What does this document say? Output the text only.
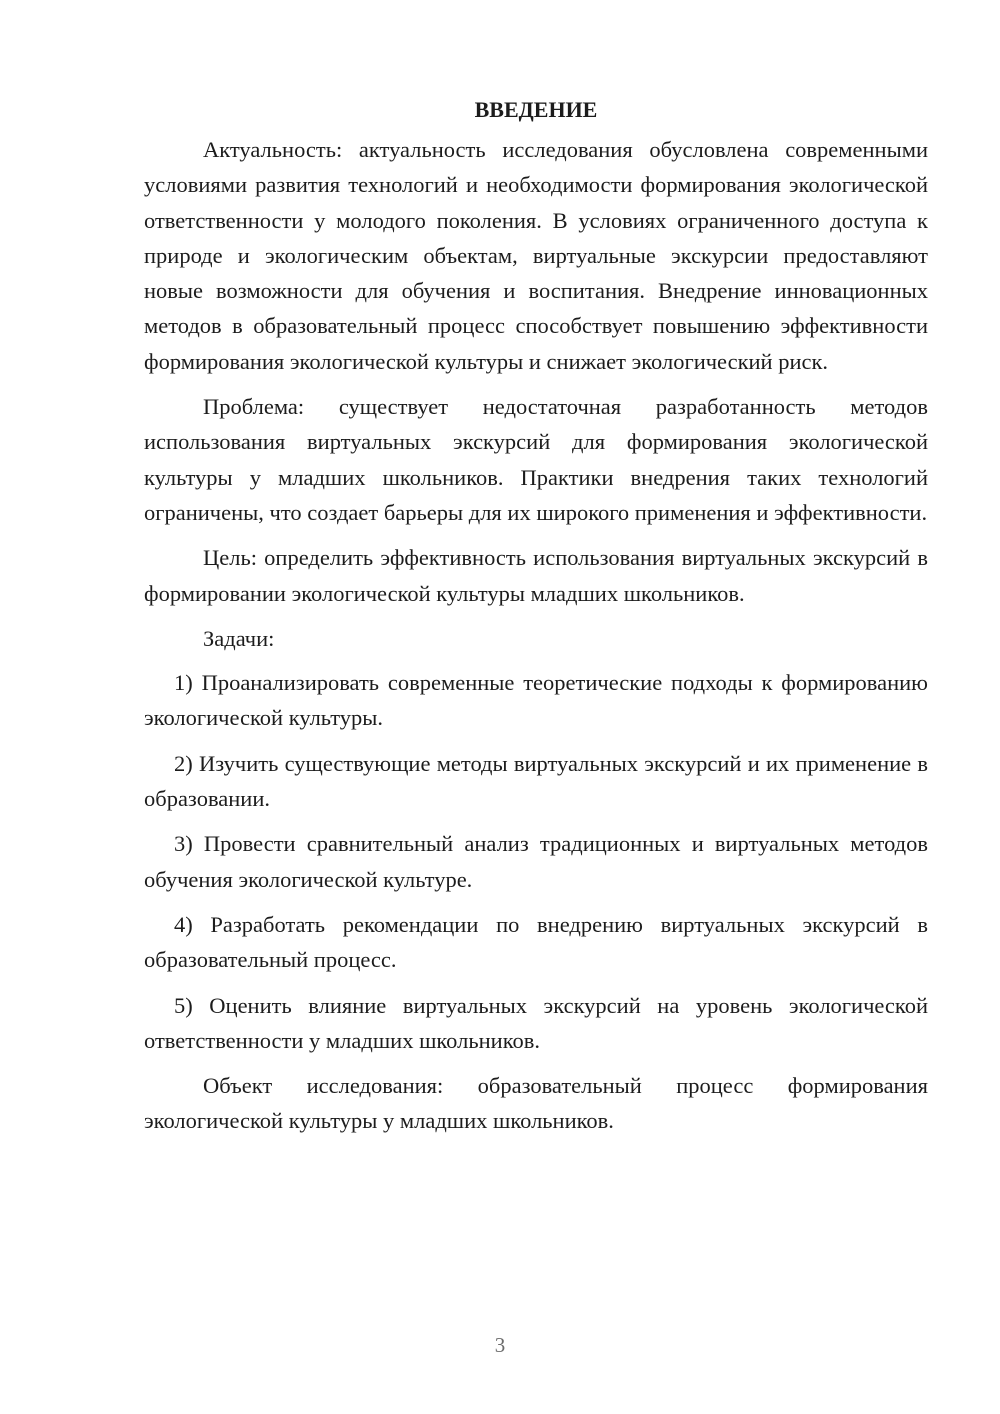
ВВЕДЕНИЕ

Актуальность: актуальность исследования обусловлена современными условиями развития технологий и необходимости формирования экологической ответственности у молодого поколения. В условиях ограниченного доступа к природе и экологическим объектам, виртуальные экскурсии предоставляют новые возможности для обучения и воспитания. Внедрение инновационных методов в образовательный процесс способствует повышению эффективности формирования экологической культуры и снижает экологический риск.

Проблема: существует недостаточная разработанность методов использования виртуальных экскурсий для формирования экологической культуры у младших школьников. Практики внедрения таких технологий ограничены, что создает барьеры для их широкого применения и эффективности.

Цель: определить эффективность использования виртуальных экскурсий в формировании экологической культуры младших школьников.

Задачи:

1) Проанализировать современные теоретические подходы к формированию экологической культуры.

2) Изучить существующие методы виртуальных экскурсий и их применение в образовании.

3) Провести сравнительный анализ традиционных и виртуальных методов обучения экологической культуре.

4) Разработать рекомендации по внедрению виртуальных экскурсий в образовательный процесс.

5) Оценить влияние виртуальных экскурсий на уровень экологической ответственности у младших школьников.

Объект исследования: образовательный процесс формирования экологической культуры у младших школьников.

3
